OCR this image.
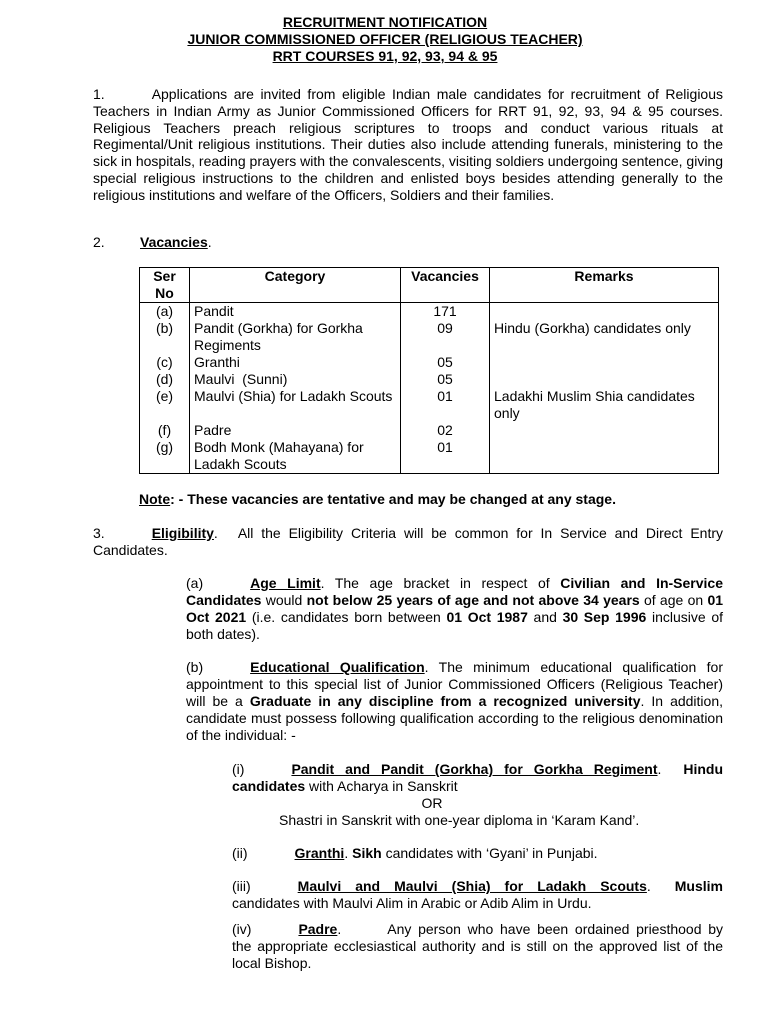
RECRUITMENT NOTIFICATION
JUNIOR COMMISSIONED OFFICER (RELIGIOUS TEACHER)
RRT COURSES 91, 92, 93, 94 & 95

1.	Applications are invited from eligible Indian male candidates for recruitment of Religious Teachers in Indian Army as Junior Commissioned Officers for RRT 91, 92, 93, 94 & 95 courses. Religious Teachers preach religious scriptures to troops and conduct various rituals at Regimental/Unit religious institutions. Their duties also include attending funerals, ministering to the sick in hospitals, reading prayers with the convalescents, visiting soldiers undergoing sentence, giving special religious instructions to the children and enlisted boys besides attending generally to the religious institutions and welfare of the Officers, Soldiers and their families.

2.	Vacancies.
Ser No	Category	Vacancies	Remarks
(a)	Pandit	171	
(b)	Pandit (Gorkha) for Gorkha Regiments	09	Hindu (Gorkha) candidates only
(c)	Granthi	05	
(d)	Maulvi  (Sunni)	05	
(e)	Maulvi (Shia) for Ladakh Scouts	01	Ladakhi Muslim Shia candidates only
(f)	Padre	02	
(g)	Bodh Monk (Mahayana) for Ladakh Scouts	01	
Note: - These vacancies are tentative and may be changed at any stage.

3.	Eligibility. All the Eligibility Criteria will be common for In Service and Direct Entry Candidates.

(a)	Age Limit. The age bracket in respect of Civilian and In-Service Candidates would not below 25 years of age and not above 34 years of age on 01 Oct 2021 (i.e. candidates born between 01 Oct 1987 and 30 Sep 1996 inclusive of both dates).
(b)	Educational Qualification. The minimum educational qualification for appointment to this special list of Junior Commissioned Officers (Religious Teacher) will be a Graduate in any discipline from a recognized university. In addition, candidate must possess following qualification according to the religious denomination of the individual: -
(i)	Pandit and Pandit (Gorkha) for Gorkha Regiment. Hindu candidates with Acharya in Sanskrit
OR
Shastri in Sanskrit with one-year diploma in ‘Karam Kand’.
(ii)	Granthi. Sikh candidates with ‘Gyani’ in Punjabi.
(iii)	Maulvi and Maulvi (Shia) for Ladakh Scouts. Muslim candidates with Maulvi Alim in Arabic or Adib Alim in Urdu.
(iv)	Padre.	Any person who have been ordained priesthood by the appropriate ecclesiastical authority and is still on the approved list of the local Bishop.
